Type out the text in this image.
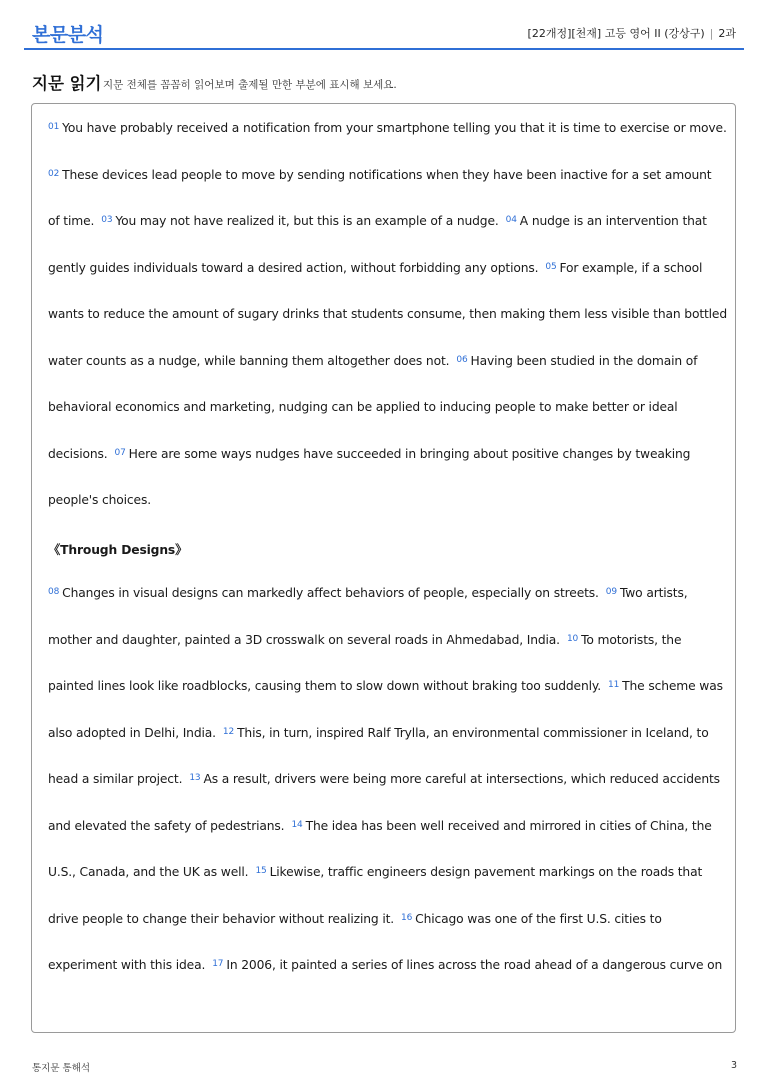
본문분석	[22개정][천재] 고등 영어 II (강상구) | 2과
지문 읽기 지문 전체를 꼼꼼히 읽어보며 출제될 만한 부분에 표시해 보세요.
$^{01}$ You have probably received a notification from your smartphone telling you that it is time to exercise or move.
$^{02}$ These devices lead people to move by sending notifications when they have been inactive for a set amount
of time. $^{03}$ You may not have realized it, but this is an example of a nudge. $^{04}$ A nudge is an intervention that
gently guides individuals toward a desired action, without forbidding any options. $^{05}$ For example, if a school
wants to reduce the amount of sugary drinks that students consume, then making them less visible than bottled
water counts as a nudge, while banning them altogether does not. $^{06}$ Having been studied in the domain of
behavioral economics and marketing, nudging can be applied to inducing people to make better or ideal
decisions. $^{07}$ Here are some ways nudges have succeeded in bringing about positive changes by tweaking
people's choices.
《Through Designs》
$^{08}$ Changes in visual designs can markedly affect behaviors of people, especially on streets. $^{09}$ Two artists,
mother and daughter, painted a 3D crosswalk on several roads in Ahmedabad, India. $^{10}$ To motorists, the
painted lines look like roadblocks, causing them to slow down without braking too suddenly. $^{11}$ The scheme was
also adopted in Delhi, India. $^{12}$ This, in turn, inspired Ralf Trylla, an environmental commissioner in Iceland, to
head a similar project. $^{13}$ As a result, drivers were being more careful at intersections, which reduced accidents
and elevated the safety of pedestrians. $^{14}$ The idea has been well received and mirrored in cities of China, the
U.S., Canada, and the UK as well. $^{15}$ Likewise, traffic engineers design pavement markings on the roads that
drive people to change their behavior without realizing it. $^{16}$ Chicago was one of the first U.S. cities to
experiment with this idea. $^{17}$ In 2006, it painted a series of lines across the road ahead of a dangerous curve on
통지문 통해석	3
